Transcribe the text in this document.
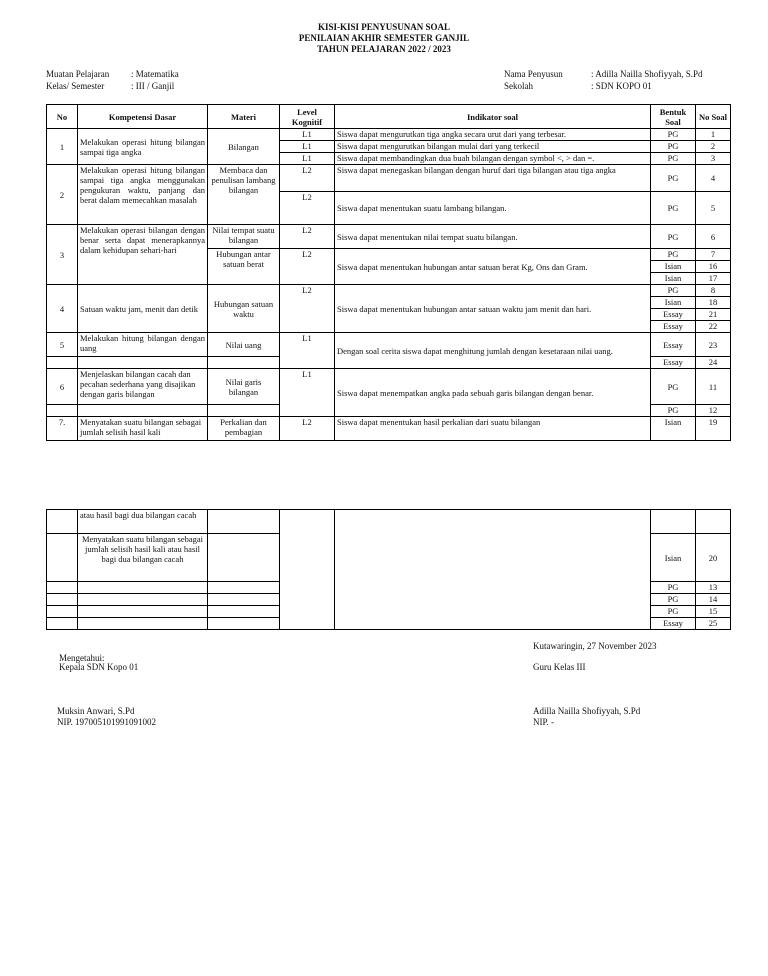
KISI-KISI PENYUSUNAN SOAL
PENILAIAN AKHIR SEMESTER GANJIL
TAHUN PELAJARAN 2022 / 2023
Muatan Pelajaran : Matematika
Kelas/ Semester	: III / Ganjil
Nama Penyusun	: Adilla Nailla Shofiyyah, S.Pd
Sekolah	: SDN KOPO 01
No	Kompetensi Dasar	Materi	Level Kognitif	Indikator soal	Bentuk Soal	No Soal
1	Melakukan operasi hitung bilangan sampai tiga angka	Bilangan	L1	Siswa dapat mengurutkan tiga angka secara urut dari yang terbesar.	PG	1
			L1	Siswa dapat mengurutkan bilangan mulai dari yang terkecil	PG	2
			L1	Siswa dapat membandingkan dua buah bilangan dengan symbol <, > dan =.	PG	3
2	Melakukan operasi hitung bilangan sampai tiga angka menggunakan pengukuran waktu, panjang dan berat dalam memecahkan masalah	Membaca dan penulisan lambang bilangan	L2	Siswa dapat menegaskan bilangan dengan huruf dari tiga bilangan atau tiga angka	PG	4
			L2	Siswa dapat menentukan suatu lambang bilangan.	PG	5
3	Melakukan operasi bilangan dengan benar serta dapat menerapkannya dalam kehidupan sehari-hari	Nilai tempat suatu bilangan	L2	Siswa dapat menentukan nilai tempat suatu bilangan.	PG	6
		Hubungan antar satuan berat	L2	Siswa dapat menentukan hubungan antar satuan berat Kg, Ons dan Gram.	PG	7
					Isian	16
					Isian	17
4	Satuan waktu jam, menit dan detik	Hubungan satuan waktu	L2	Siswa dapat menentukan hubungan antar satuan waktu jam menit dan hari.	PG	8
					Isian	18
					Essay	21
					Essay	22
5	Melakukan hitung bilangan dengan uang	Nilai uang	L1	Dengan soal cerita siswa dapat menghitung jumlah dengan kesetaraan nilai uang.	Essay	23
					Essay	24
6	Menjelaskan bilangan cacah dan pecahan sederhana yang disajikan dengan garis bilangan	Nilai garis bilangan	L1	Siswa dapat menempatkan angka pada sebuah garis bilangan dengan benar.	PG	11
					PG	12
7.	Menyatakan suatu bilangan sebagai jumlah selisih hasil kali	Perkalian dan pembagian	L2	Siswa dapat menentukan hasil perkalian dari suatu bilangan	Isian	19
	atau hasil bagi dua bilangan cacah					
	Menyatakan suatu bilangan sebagai jumlah selisih hasil kali atau hasil bagi dua bilangan cacah				Isian	20
					PG	13
					PG	14
					PG	15
					Essay	25
Kutawaringin, 27 November 2023
Mengetahui:
Kepala SDN Kopo 01	Guru Kelas III
Muksin Anwari, S.Pd
NIP. 197005101991091002
Adilla Nailla Shofiyyah, S.Pd
NIP. -
